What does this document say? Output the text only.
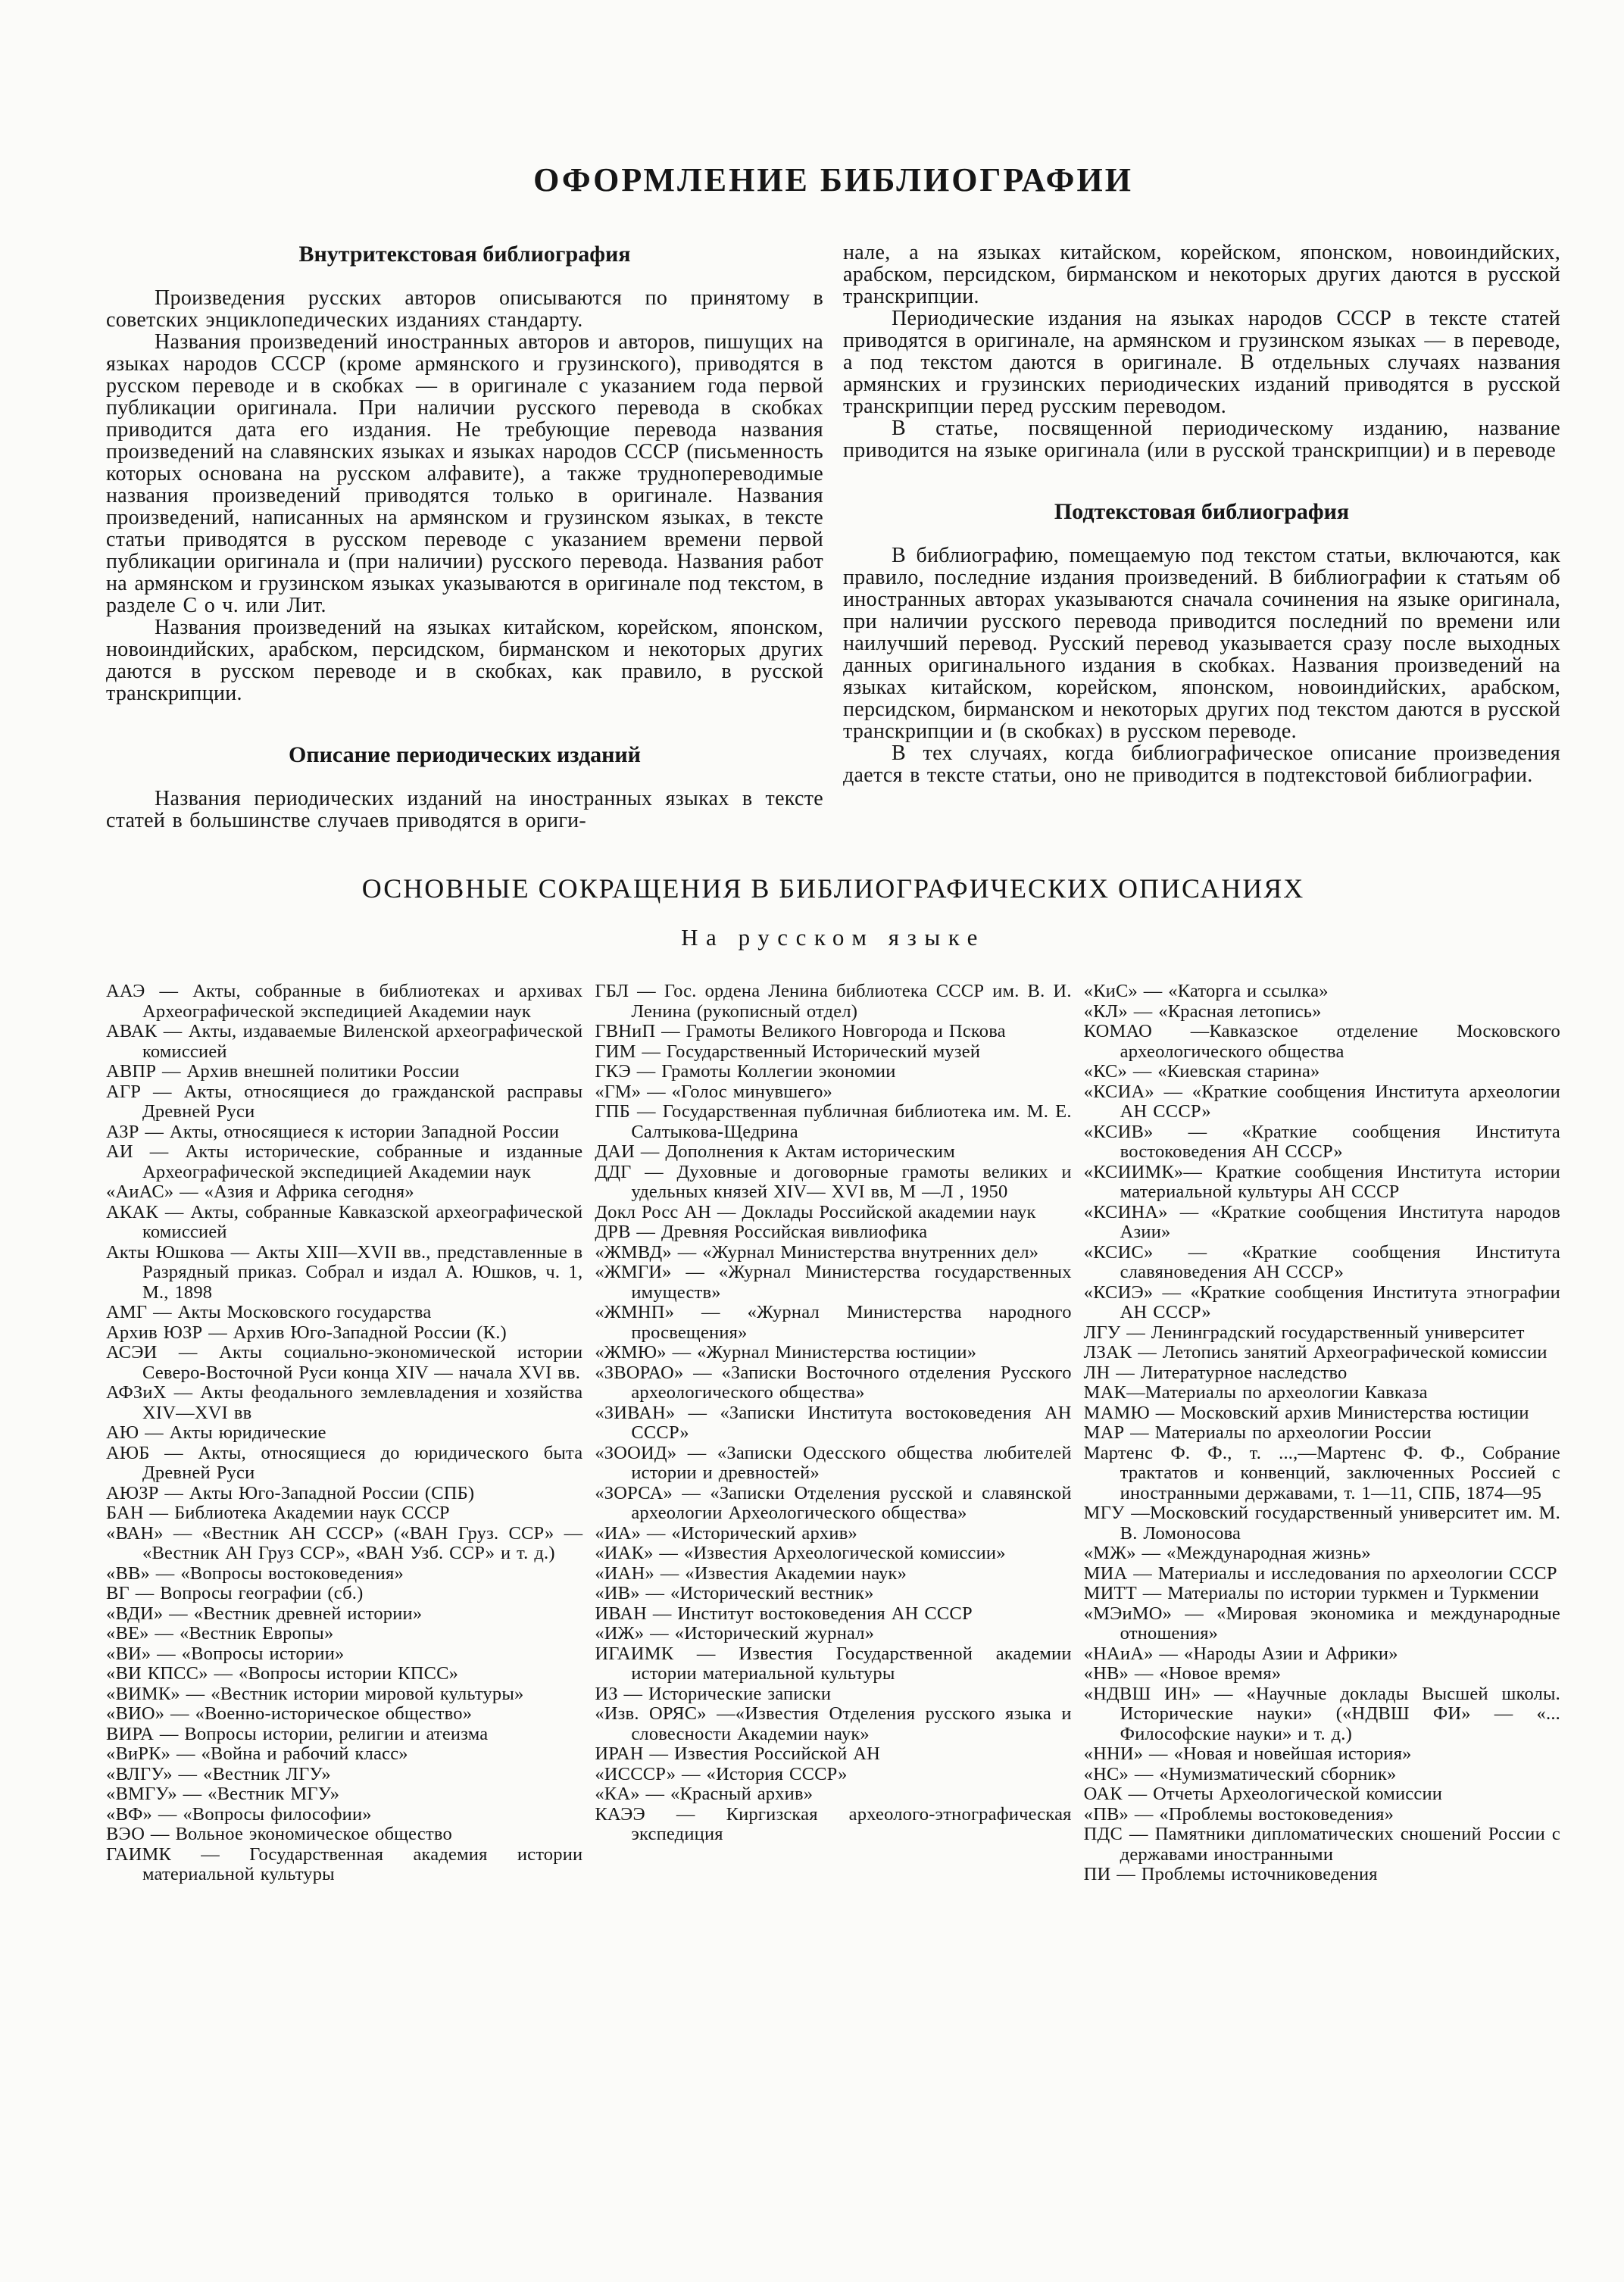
ОФОРМЛЕНИЕ БИБЛИОГРАФИИ
Внутритекстовая библиография
Произведения русских авторов описываются по принятому в советских энциклопедических изданиях стандарту.
Названия произведений иностранных авторов и авторов, пишущих на языках народов СССР (кроме армянского и грузинского), приводятся в русском переводе и в скобках — в оригинале с указанием года первой публикации оригинала. При наличии русского перевода в скобках приводится дата его издания. Не требующие перевода названия произведений на славянских языках и языках народов СССР (письменность которых основана на русском алфавите), а также труднопереводимые названия произведений приводятся только в оригинале. Названия произведений, написанных на армянском и грузинском языках, в тексте статьи приводятся в русском переводе с указанием времени первой публикации оригинала и (при наличии) русского перевода. Названия работ на армянском и грузинском языках указываются в оригинале под текстом, в разделе С о ч. или Лит.
Названия произведений на языках китайском, корейском, японском, новоиндийских, арабском, персидском, бирманском и некоторых других даются в русском переводе и в скобках, как правило, в русской транскрипции.
Описание периодических изданий
Названия периодических изданий на иностранных языках в тексте статей в большинстве случаев приводятся в ориги-
нале, а на языках китайском, корейском, японском, новоиндийских, арабском, персидском, бирманском и некоторых других даются в русской транскрипции.
Периодические издания на языках народов СССР в тексте статей приводятся в оригинале, на армянском и грузинском языках — в переводе, а под текстом даются в оригинале. В отдельных случаях названия армянских и грузинских периодических изданий приводятся в русской транскрипции перед русским переводом.
В статье, посвященной периодическому изданию, название приводится на языке оригинала (или в русской транскрипции) и в переводе
Подтекстовая библиография
В библиографию, помещаемую под текстом статьи, включаются, как правило, последние издания произведений. В библиографии к статьям об иностранных авторах указываются сначала сочинения на языке оригинала, при наличии русского перевода приводится последний по времени или наилучший перевод. Русский перевод указывается сразу после выходных данных оригинального издания в скобках. Названия произведений на языках китайском, корейском, японском, новоиндийских, арабском, персидском, бирманском и некоторых других под текстом даются в русской транскрипции и (в скобках) в русском переводе.
В тех случаях, когда библиографическое описание произведения дается в тексте статьи, оно не приводится в подтекстовой библиографии.
ОСНОВНЫЕ СОКРАЩЕНИЯ В БИБЛИОГРАФИЧЕСКИХ ОПИСАНИЯХ
На русском языке
ААЭ — Акты, собранные в библиотеках и архивах Археографической экспедицией Академии наук
АВАК — Акты, издаваемые Виленской археографической комиссией
АВПР — Архив внешней политики России
АГР — Акты, относящиеся до гражданской расправы Древней Руси
АЗР — Акты, относящиеся к истории Западной России
АИ — Акты исторические, собранные и изданные Археографической экспедицией Академии наук
«АиАС» — «Азия и Африка сегодня»
АКАК — Акты, собранные Кавказской археографической комиссией
Акты Юшкова — Акты XIII—XVII вв., представленные в Разрядный приказ. Собрал и издал А. Юшков, ч. 1, М., 1898
АМГ — Акты Московского государства
Архив ЮЗР — Архив Юго-Западной России (К.)
АСЭИ — Акты социально-экономической истории Северо-Восточной Руси конца XIV — начала XVI вв.
АФЗиХ — Акты феодального землевладения и хозяйства XIV—XVI вв
АЮ — Акты юридические
АЮБ — Акты, относящиеся до юридического быта Древней Руси
АЮЗР — Акты Юго-Западной России (СПБ)
БАН — Библиотека Академии наук СССР
«ВАН» — «Вестник АН СССР» («ВАН Груз. ССР» — «Вестник АН Груз ССР», «ВАН Узб. ССР» и т. д.)
«ВВ» — «Вопросы востоковедения»
ВГ — Вопросы географии (сб.)
«ВДИ» — «Вестник древней истории»
«ВЕ» — «Вестник Европы»
«ВИ» — «Вопросы истории»
«ВИ КПСС» — «Вопросы истории КПСС»
«ВИМК» — «Вестник истории мировой культуры»
«ВИО» — «Военно-историческое общество»
ВИРА — Вопросы истории, религии и атеизма
«ВиРК» — «Война и рабочий класс»
«ВЛГУ» — «Вестник ЛГУ»
«ВМГУ» — «Вестник МГУ»
«ВФ» — «Вопросы философии»
ВЭО — Вольное экономическое общество
ГАИМК — Государственная академия истории материальной культуры
ГБЛ — Гос. ордена Ленина библиотека СССР им. В. И. Ленина (рукописный отдел)
ГВНиП — Грамоты Великого Новгорода и Пскова
ГИМ — Государственный Исторический музей
ГКЭ — Грамоты Коллегии экономии
«ГМ» — «Голос минувшего»
ГПБ — Государственная публичная библиотека им. М. Е. Салтыкова-Щедрина
ДАИ — Дополнения к Актам историческим
ДДГ — Духовные и договорные грамоты великих и удельных князей XIV— XVI вв, М —Л , 1950
Докл Росс АН — Доклады Российской академии наук
ДРВ — Древняя Российская вивлиофика
«ЖМВД» — «Журнал Министерства внутренних дел»
«ЖМГИ» — «Журнал Министерства государственных имуществ»
«ЖМНП» — «Журнал Министерства народного просвещения»
«ЖМЮ» — «Журнал Министерства юстиции»
«ЗВОРАО» — «Записки Восточного отделения Русского археологического общества»
«ЗИВАН» — «Записки Института востоковедения АН СССР»
«ЗООИД» — «Записки Одесского общества любителей истории и древностей»
«ЗОРСА» — «Записки Отделения русской и славянской археологии Археологического общества»
«ИА» — «Исторический архив»
«ИАК» — «Известия Археологической комиссии»
«ИАН» — «Известия Академии наук»
«ИВ» — «Исторический вестник»
ИВАН — Институт востоковедения АН СССР
«ИЖ» — «Исторический журнал»
ИГАИМК — Известия Государственной академии истории материальной культуры
ИЗ — Исторические записки
«Изв. ОРЯС» —«Известия Отделения русского языка и словесности Академии наук»
ИРАН — Известия Российской АН
«ИСССР» — «История СССР»
«КА» — «Красный архив»
КАЭЭ — Киргизская археолого-этнографическая экспедиция
«КиС» — «Каторга и ссылка»
«КЛ» — «Красная летопись»
КОМАО —Кавказское отделение Московского археологического общества
«КС» — «Киевская старина»
«КСИА» — «Краткие сообщения Института археологии АН СССР»
«КСИВ» — «Краткие сообщения Института востоковедения АН СССР»
«КСИИМК»— Краткие сообщения Института истории материальной культуры АН СССР
«КСИНА» — «Краткие сообщения Института народов Азии»
«КСИС» — «Краткие сообщения Института славяноведения АН СССР»
«КСИЭ» — «Краткие сообщения Института этнографии АН СССР»
ЛГУ — Ленинградский государственный университет
ЛЗАК — Летопись занятий Археографической комиссии
ЛН — Литературное наследство
МАК—Материалы по археологии Кавказа
МАМЮ — Московский архив Министерства юстиции
МАР — Материалы по археологии России
Мартенс Ф. Ф., т. ...,—Мартенс Ф. Ф., Собрание трактатов и конвенций, заключенных Россией с иностранными державами, т. 1—11, СПБ, 1874—95
МГУ —Московский государственный университет им. М. В. Ломоносова
«МЖ» — «Международная жизнь»
МИА — Материалы и исследования по археологии СССР
МИТТ — Материалы по истории туркмен и Туркмении
«МЭиМО» — «Мировая экономика и международные отношения»
«НАиА» — «Народы Азии и Африки»
«НВ» — «Новое время»
«НДВШ ИН» — «Научные доклады Высшей школы. Исторические науки» («НДВШ ФИ» — «... Философские науки» и т. д.)
«ННИ» — «Новая и новейшая история»
«НС» — «Нумизматический сборник»
ОАК — Отчеты Археологической комиссии
«ПВ» — «Проблемы востоковедения»
ПДС — Памятники дипломатических сношений России с державами иностранными
ПИ — Проблемы источниковедения
